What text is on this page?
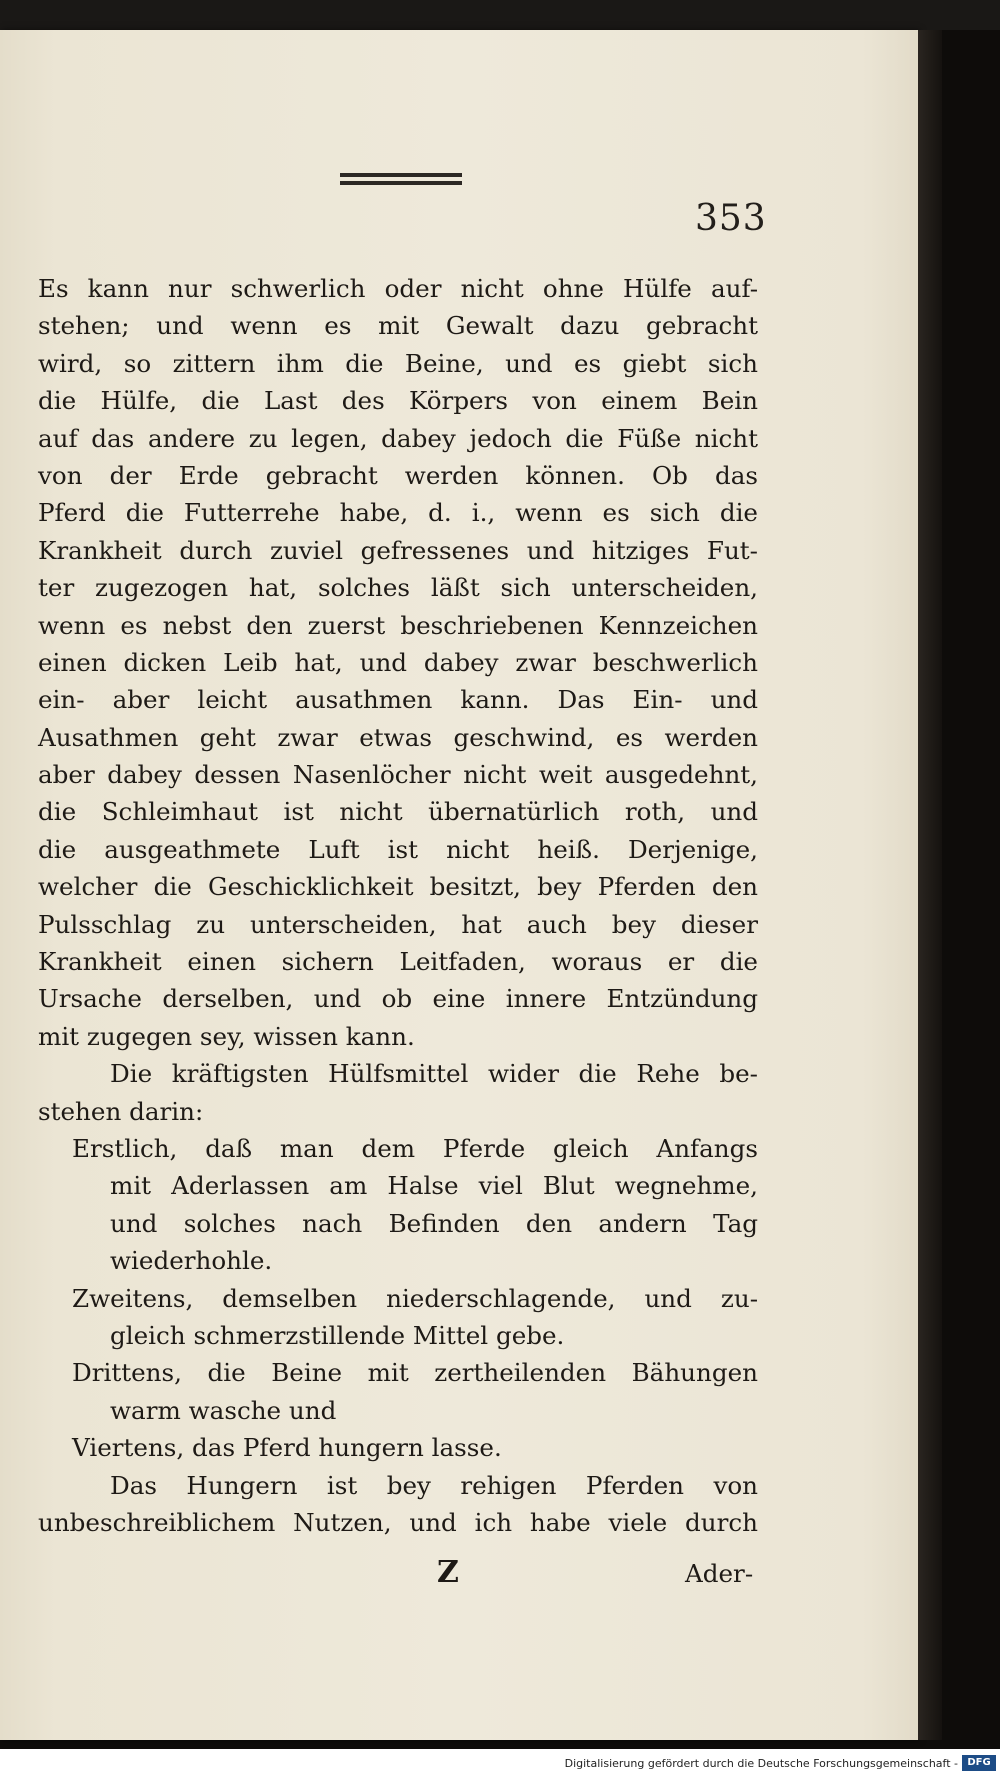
353
Es kann nur schwerlich oder nicht ohne Hülfe auf-
stehen; und wenn es mit Gewalt dazu gebracht
wird, so zittern ihm die Beine, und es giebt sich
die Hülfe, die Last des Körpers von einem Bein
auf das andere zu legen, dabey jedoch die Füße nicht
von der Erde gebracht werden können. Ob das
Pferd die Futterrehe habe, d. i., wenn es sich die
Krankheit durch zuviel gefressenes und hitziges Fut-
ter zugezogen hat, solches läßt sich unterscheiden,
wenn es nebst den zuerst beschriebenen Kennzeichen
einen dicken Leib hat, und dabey zwar beschwerlich
ein- aber leicht ausathmen kann. Das Ein- und
Ausathmen geht zwar etwas geschwind, es werden
aber dabey dessen Nasenlöcher nicht weit ausgedehnt,
die Schleimhaut ist nicht übernatürlich roth, und
die ausgeathmete Luft ist nicht heiß. Derjenige,
welcher die Geschicklichkeit besitzt, bey Pferden den
Pulsschlag zu unterscheiden, hat auch bey dieser
Krankheit einen sichern Leitfaden, woraus er die
Ursache derselben, und ob eine innere Entzündung
mit zugegen sey, wissen kann.
Die kräftigsten Hülfsmittel wider die Rehe be-
stehen darin:
Erstlich, daß man dem Pferde gleich Anfangs
mit Aderlassen am Halse viel Blut wegnehme,
und solches nach Befinden den andern Tag
wiederhohle.
Zweitens, demselben niederschlagende, und zu-
gleich schmerzstillende Mittel gebe.
Drittens, die Beine mit zertheilenden Bähungen
warm wasche und
Viertens, das Pferd hungern lasse.
Das Hungern ist bey rehigen Pferden von
unbeschreiblichem Nutzen, und ich habe viele durch
Z	Ader-
Digitalisierung gefördert durch die Deutsche Forschungsgemeinschaft - DFG
